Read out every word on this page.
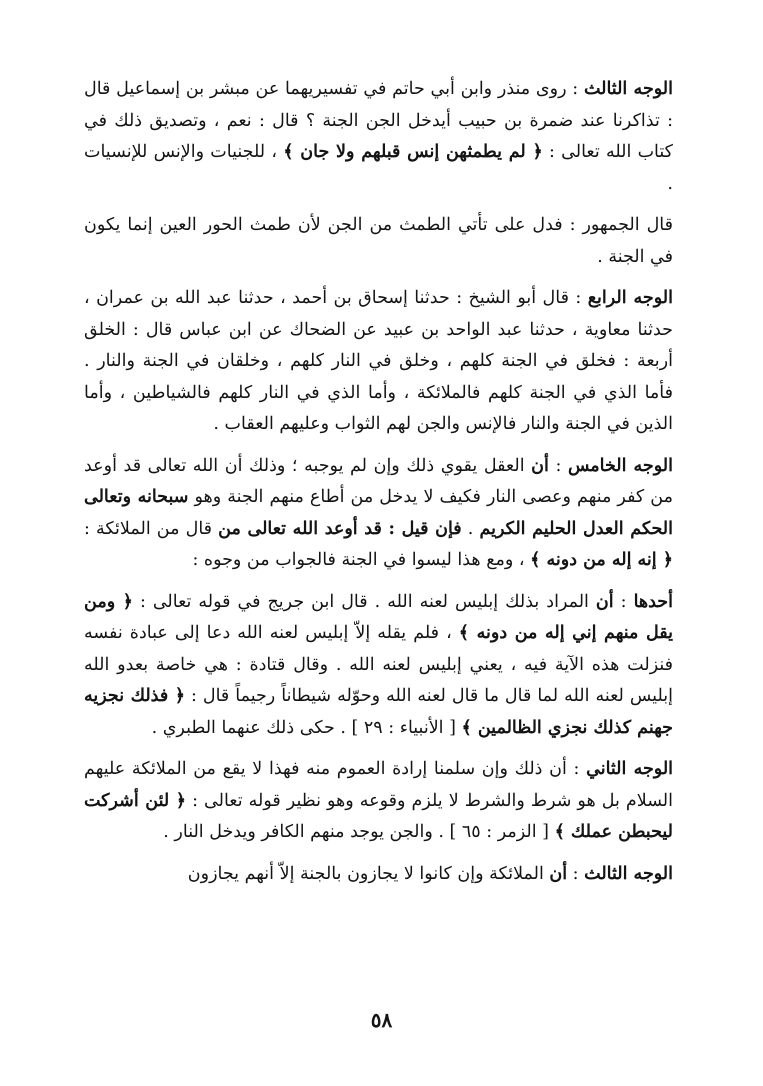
الوجه الثالث : روى منذر وابن أبي حاتم في تفسيريهما عن مبشر بن إسماعيل قال : تذاكرنا عند ضمرة بن حبيب أيدخل الجن الجنة ؟ قال : نعم ، وتصديق ذلك في كتاب الله تعالى : ﴿ لم يطمثهن إنس قبلهم ولا جان ﴾ ، للجنيات والإنس للإنسيات .

قال الجمهور : فدل على تأتي الطمث من الجن لأن طمث الحور العين إنما يكون في الجنة .

الوجه الرابع : قال أبو الشيخ : حدثنا إسحاق بن أحمد ، حدثنا عبد الله بن عمران ، حدثنا معاوية ، حدثنا عبد الواحد بن عبيد عن الضحاك عن ابن عباس قال : الخلق أربعة : فخلق في الجنة كلهم ، وخلق في النار كلهم ، وخلقان في الجنة والنار . فأما الذي في الجنة كلهم فالملائكة ، وأما الذي في النار كلهم فالشياطين ، وأما الذين في الجنة والنار فالإنس والجن لهم الثواب وعليهم العقاب .

الوجه الخامس : أن العقل يقوي ذلك وإن لم يوجبه ؛ وذلك أن الله تعالى قد أوعد من كفر منهم وعصى النار فكيف لا يدخل من أطاع منهم الجنة وهو سبحانه وتعالى الحكم العدل الحليم الكريم . فإن قيل : قد أوعد الله تعالى من قال من الملائكة : ﴿ إنه إله من دونه ﴾ ، ومع هذا ليسوا في الجنة فالجواب من وجوه :

أحدها : أن المراد بذلك إبليس لعنه الله . قال ابن جريج في قوله تعالى : ﴿ ومن يقل منهم إني إله من دونه ﴾ ، فلم يقله إلاّ إبليس لعنه الله دعا إلى عبادة نفسه فنزلت هذه الآية فيه ، يعني إبليس لعنه الله . وقال قتادة : هي خاصة بعدو الله إبليس لعنه الله لما قال ما قال لعنه الله وحوّله شيطاناً رجيماً قال : ﴿ فذلك نجزيه جهنم كذلك نجزي الظالمين ﴾ [ الأنبياء : ٢٩ ] . حكى ذلك عنهما الطبري .

الوجه الثاني : أن ذلك وإن سلمنا إرادة العموم منه فهذا لا يقع من الملائكة عليهم السلام بل هو شرط والشرط لا يلزم وقوعه وهو نظير قوله تعالى : ﴿ لئن أشركت ليحبطن عملك ﴾ [ الزمر : ٦٥ ] . والجن يوجد منهم الكافر ويدخل النار .

الوجه الثالث : أن الملائكة وإن كانوا لا يجازون بالجنة إلاّ أنهم يجازون

٥٨
